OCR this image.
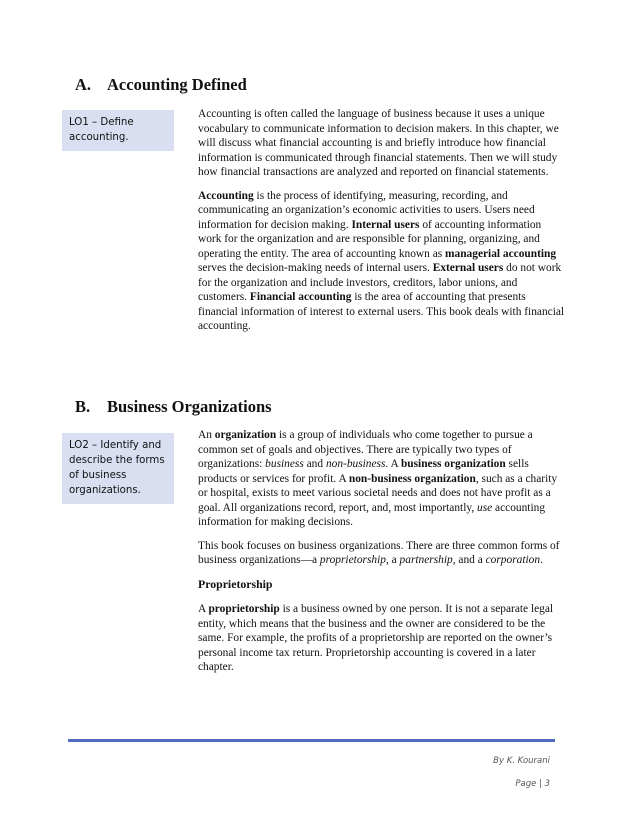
A. Accounting Defined
LO1 – Define accounting.

Accounting is often called the language of business because it uses a unique vocabulary to communicate information to decision makers. In this chapter, we will discuss what financial accounting is and briefly introduce how financial information is communicated through financial statements. Then we will study how financial transactions are analyzed and reported on financial statements.

Accounting is the process of identifying, measuring, recording, and communicating an organization’s economic activities to users. Users need information for decision making. Internal users of accounting information work for the organization and are responsible for planning, organizing, and operating the entity. The area of accounting known as managerial accounting serves the decision-making needs of internal users. External users do not work for the organization and include investors, creditors, labor unions, and customers. Financial accounting is the area of accounting that presents financial information of interest to external users. This book deals with financial accounting.

B. Business Organizations
LO2 – Identify and describe the forms of business organizations.

An organization is a group of individuals who come together to pursue a common set of goals and objectives. There are typically two types of organizations: business and non-business. A business organization sells products or services for profit. A non-business organization, such as a charity or hospital, exists to meet various societal needs and does not have profit as a goal. All organizations record, report, and, most importantly, use accounting information for making decisions.

This book focuses on business organizations. There are three common forms of business organizations—a proprietorship, a partnership, and a corporation.

Proprietorship

A proprietorship is a business owned by one person. It is not a separate legal entity, which means that the business and the owner are considered to be the same. For example, the profits of a proprietorship are reported on the owner’s personal income tax return. Proprietorship accounting is covered in a later chapter.

By K. Kourani
Page | 3
